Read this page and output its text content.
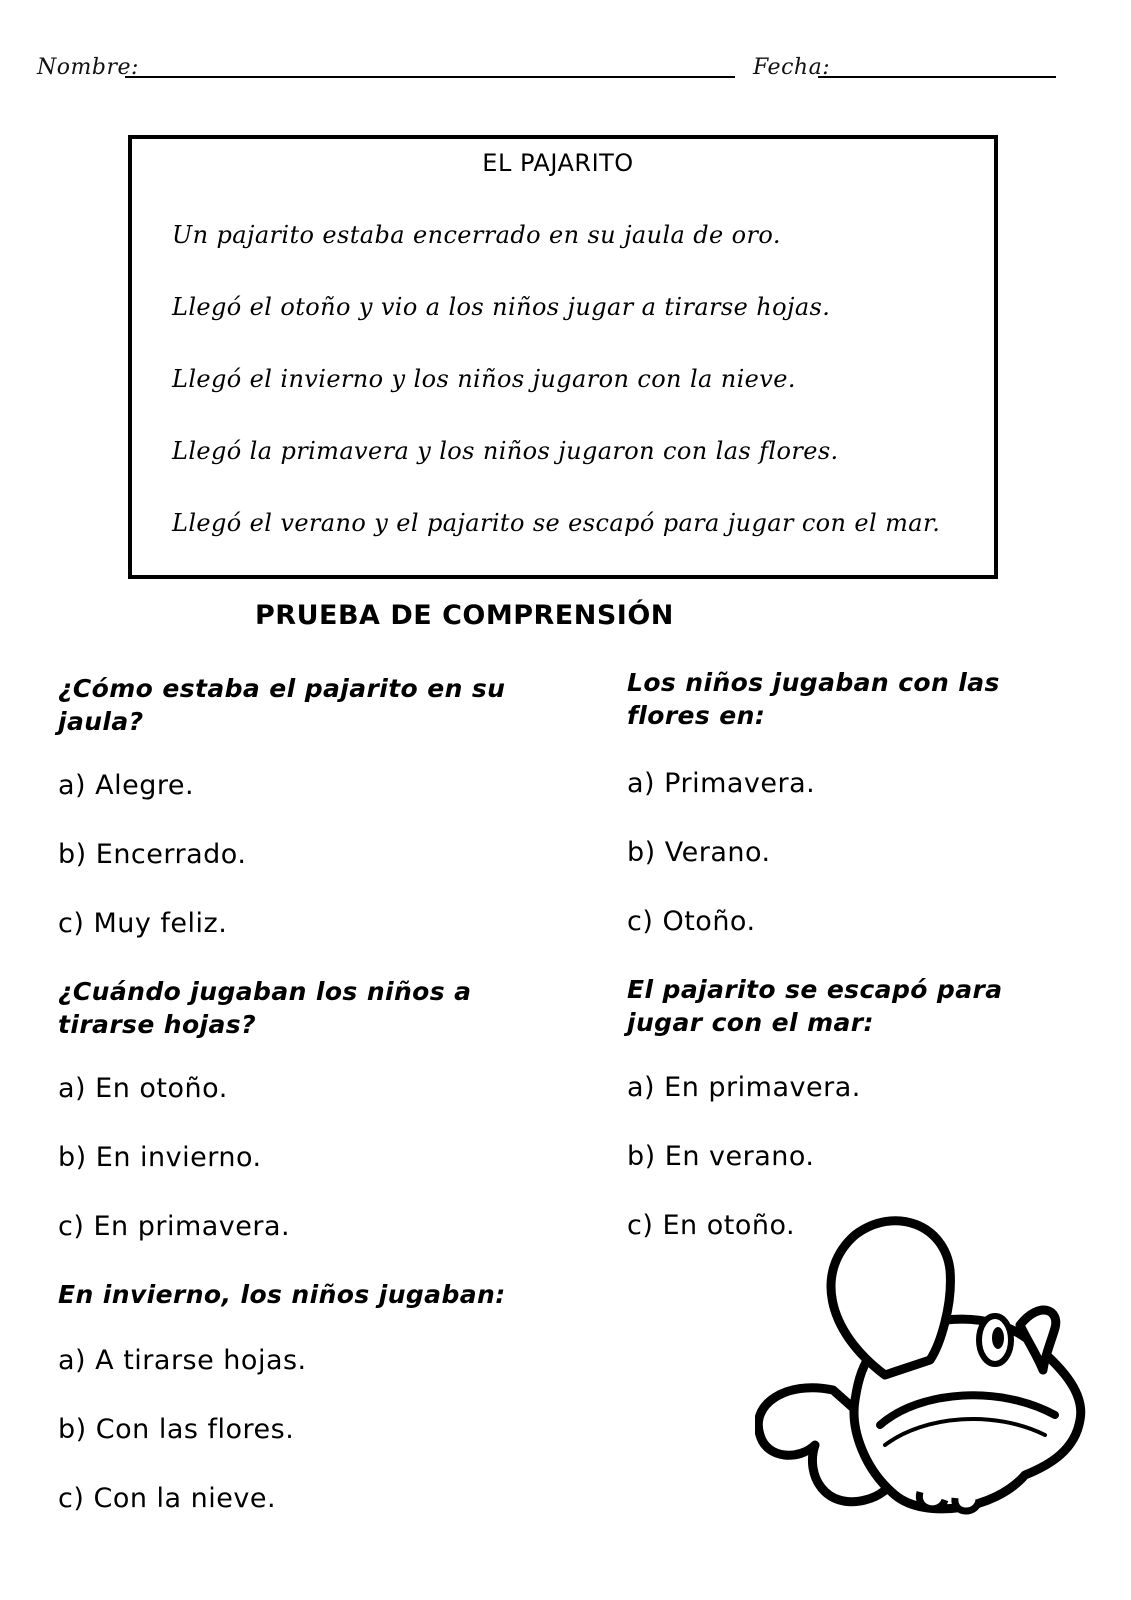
Nombre:	Fecha:
EL PAJARITO
Un pajarito estaba encerrado en su jaula de oro.
Llegó el otoño y vio a los niños jugar a tirarse hojas.
Llegó el invierno y los niños jugaron con la nieve.
Llegó la primavera y los niños jugaron con las flores.
Llegó el verano y el pajarito se escapó para jugar con el mar.
PRUEBA DE COMPRENSIÓN
¿Cómo estaba el pajarito en su jaula?
a) Alegre.
b) Encerrado.
c) Muy feliz.
¿Cuándo jugaban los niños a tirarse hojas?
a) En otoño.
b) En invierno.
c) En primavera.
En invierno, los niños jugaban:
a) A tirarse hojas.
b) Con las flores.
c) Con la nieve.
Los niños jugaban con las flores en:
a) Primavera.
b) Verano.
c) Otoño.
El pajarito se escapó para jugar con el mar:
a) En primavera.
b) En verano.
c) En otoño.
